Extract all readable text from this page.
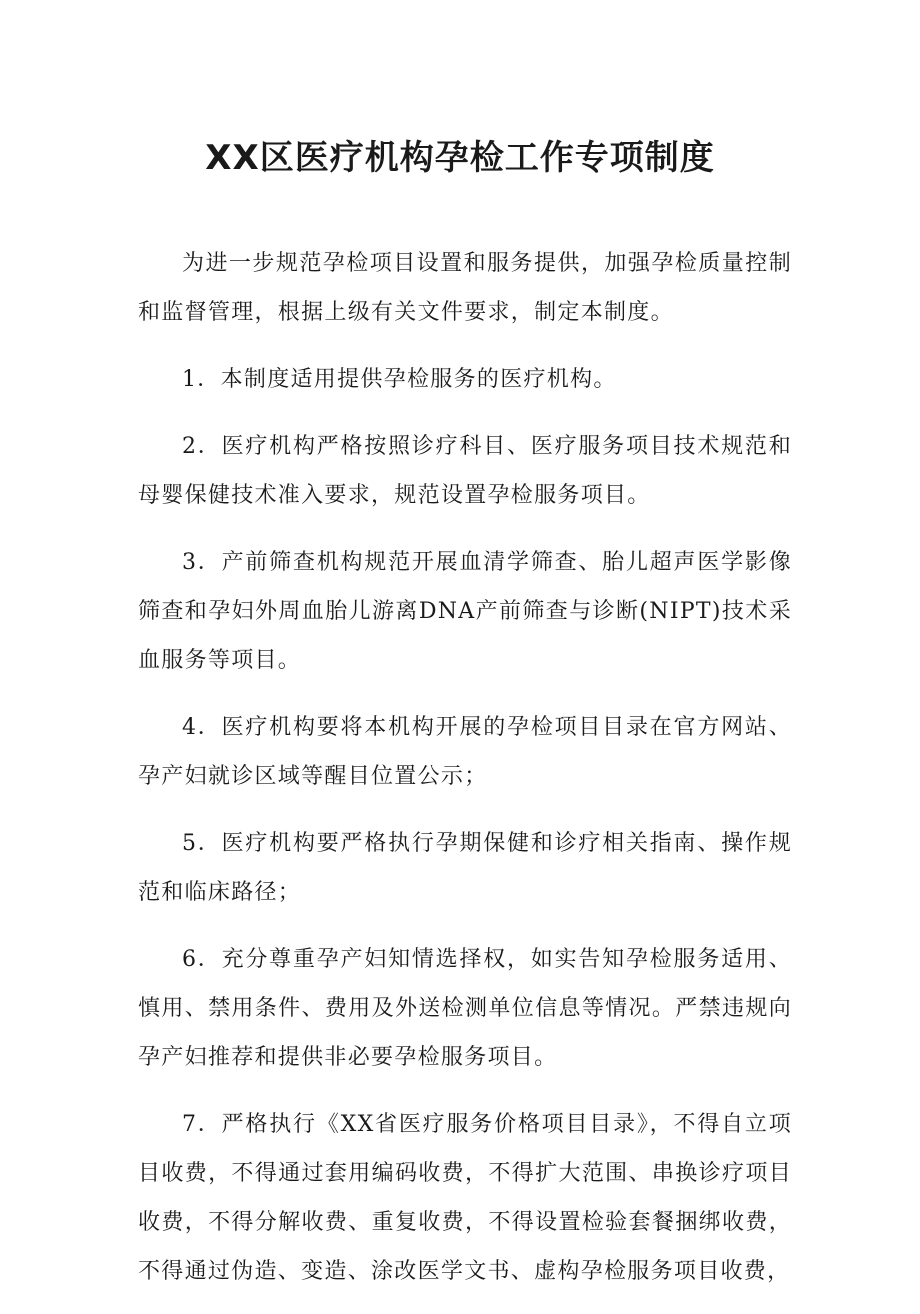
XX区医疗机构孕检工作专项制度

为进一步规范孕检项目设置和服务提供，加强孕检质量控制和监督管理，根据上级有关文件要求，制定本制度。

1．本制度适用提供孕检服务的医疗机构。

2．医疗机构严格按照诊疗科目、医疗服务项目技术规范和母婴保健技术准入要求，规范设置孕检服务项目。

3．产前筛查机构规范开展血清学筛查、胎儿超声医学影像筛查和孕妇外周血胎儿游离DNA产前筛查与诊断(NIPT)技术采血服务等项目。

4．医疗机构要将本机构开展的孕检项目目录在官方网站、孕产妇就诊区域等醒目位置公示；

5．医疗机构要严格执行孕期保健和诊疗相关指南、操作规范和临床路径；

6．充分尊重孕产妇知情选择权，如实告知孕检服务适用、慎用、禁用条件、费用及外送检测单位信息等情况。严禁违规向孕产妇推荐和提供非必要孕检服务项目。

7．严格执行《XX省医疗服务价格项目目录》，不得自立项目收费，不得通过套用编码收费，不得扩大范围、串换诊疗项目收费，不得分解收费、重复收费，不得设置检验套餐捆绑收费，不得通过伪造、变造、涂改医学文书、虚构孕检服务项目收费，
